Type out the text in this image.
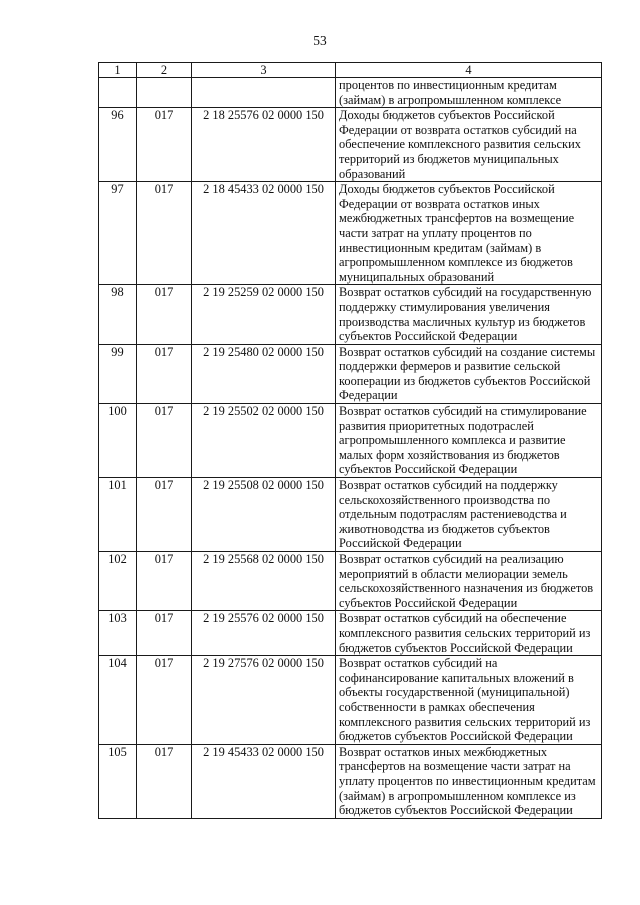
53
1	2	3	4
			процентов по инвестиционным кредитам (займам) в агропромышленном комплексе
96	017	2 18 25576 02 0000 150	Доходы бюджетов субъектов Российской Федерации от возврата остатков субсидий на обеспечение комплексного развития сельских территорий из бюджетов муниципальных образований
97	017	2 18 45433 02 0000 150	Доходы бюджетов субъектов Российской Федерации от возврата остатков иных межбюджетных трансфертов на возмещение части затрат на уплату процентов по инвестиционным кредитам (займам) в агропромышленном комплексе из бюджетов муниципальных образований
98	017	2 19 25259 02 0000 150	Возврат остатков субсидий на государственную поддержку стимулирования увеличения производства масличных культур из бюджетов субъектов Российской Федерации
99	017	2 19 25480 02 0000 150	Возврат остатков субсидий на создание системы поддержки фермеров и развитие сельской кооперации из бюджетов субъектов Российской Федерации
100	017	2 19 25502 02 0000 150	Возврат остатков субсидий на стимулирование развития приоритетных подотраслей агропромышленного комплекса и развитие малых форм хозяйствования из бюджетов субъектов Российской Федерации
101	017	2 19 25508 02 0000 150	Возврат остатков субсидий на поддержку сельскохозяйственного производства по отдельным подотраслям растениеводства и животноводства из бюджетов субъектов Российской Федерации
102	017	2 19 25568 02 0000 150	Возврат остатков субсидий на реализацию мероприятий в области мелиорации земель сельскохозяйственного назначения из бюджетов субъектов Российской Федерации
103	017	2 19 25576 02 0000 150	Возврат остатков субсидий на обеспечение комплексного развития сельских территорий из бюджетов субъектов Российской Федерации
104	017	2 19 27576 02 0000 150	Возврат остатков субсидий на софинансирование капитальных вложений в объекты государственной (муниципальной) собственности в рамках обеспечения комплексного развития сельских территорий из бюджетов субъектов Российской Федерации
105	017	2 19 45433 02 0000 150	Возврат остатков иных межбюджетных трансфертов на возмещение части затрат на уплату процентов по инвестиционным кредитам (займам) в агропромышленном комплексе из бюджетов субъектов Российской Федерации
